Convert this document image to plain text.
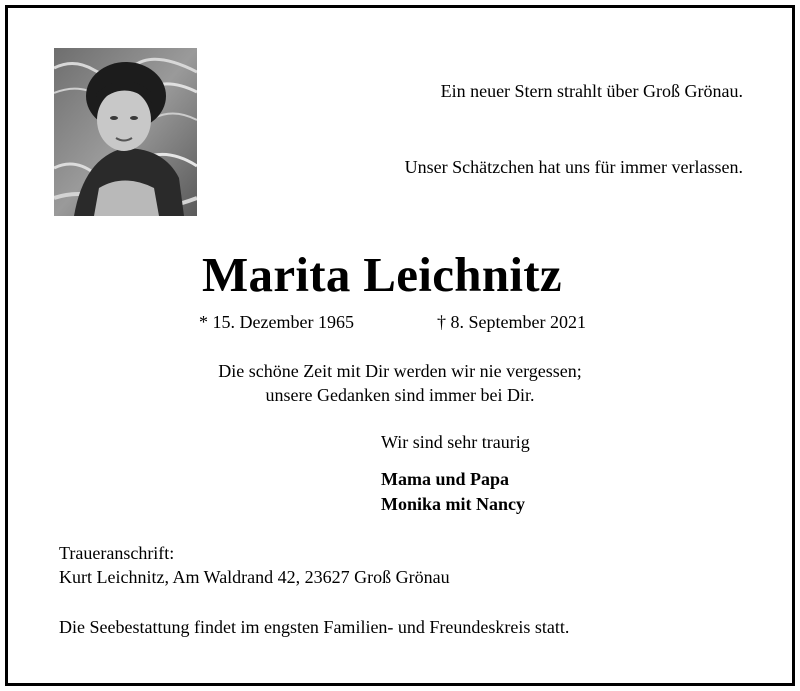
Ein neuer Stern strahlt über Groß Grönau.
Unser Schätzchen hat uns für immer verlassen.
Marita Leichnitz
* 15. Dezember 1965	† 8. September 2021
Die schöne Zeit mit Dir werden wir nie vergessen;
unsere Gedanken sind immer bei Dir.
Wir sind sehr traurig
Mama und Papa
Monika mit Nancy
Traueranschrift:
Kurt Leichnitz, Am Waldrand 42, 23627 Groß Grönau
Die Seebestattung findet im engsten Familien- und Freundeskreis statt.
